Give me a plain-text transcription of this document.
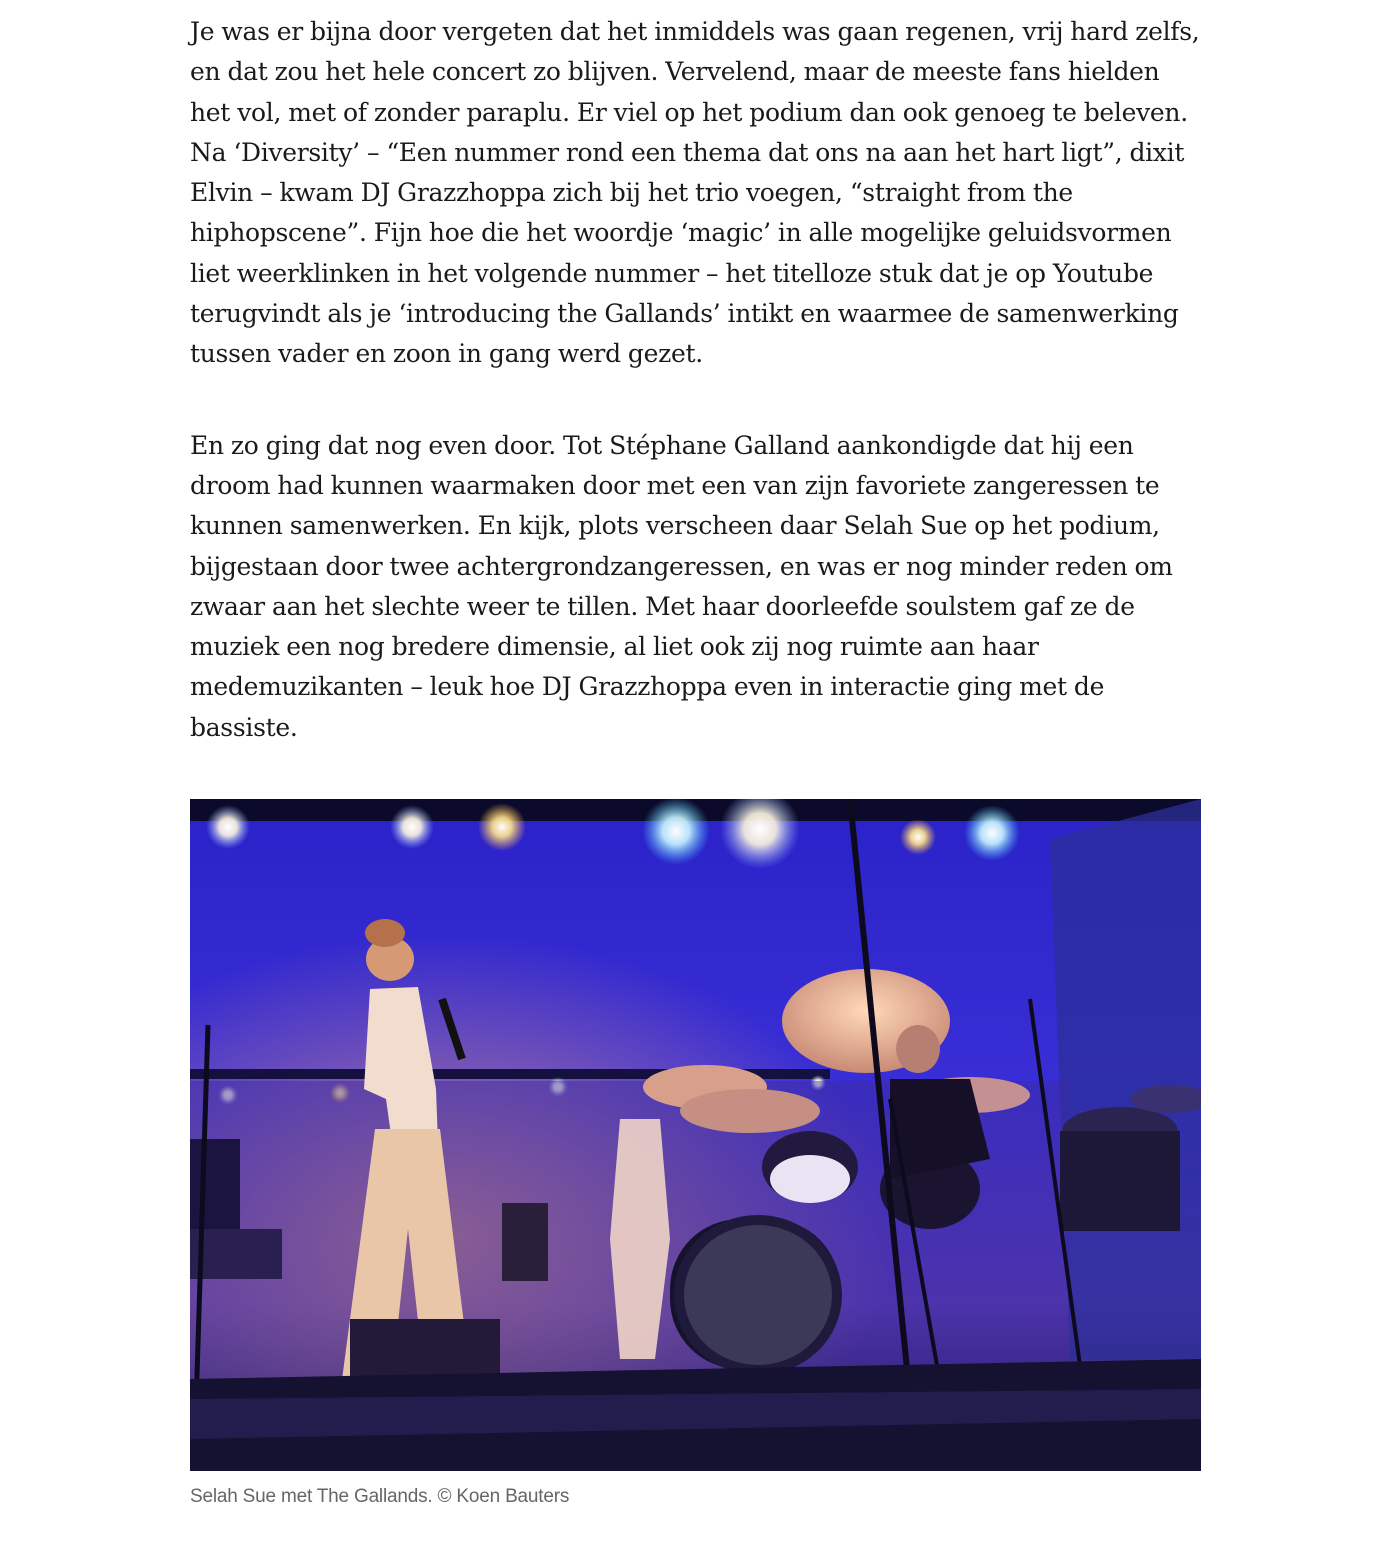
Je was er bijna door vergeten dat het inmiddels was gaan regenen, vrij hard zelfs, en dat zou het hele concert zo blijven. Vervelend, maar de meeste fans hielden het vol, met of zonder paraplu. Er viel op het podium dan ook genoeg te beleven. Na ‘Diversity’ – “Een nummer rond een thema dat ons na aan het hart ligt”, dixit Elvin – kwam DJ Grazzhoppa zich bij het trio voegen, “straight from the hiphopscene”. Fijn hoe die het woordje ‘magic’ in alle mogelijke geluidsvormen liet weerklinken in het volgende nummer – het titelloze stuk dat je op Youtube terugvindt als je ‘introducing the Gallands’ intikt en waarmee de samenwerking tussen vader en zoon in gang werd gezet.

En zo ging dat nog even door. Tot Stéphane Galland aankondigde dat hij een droom had kunnen waarmaken door met een van zijn favoriete zangeressen te kunnen samenwerken. En kijk, plots verscheen daar Selah Sue op het podium, bijgestaan door twee achtergrondzangeressen, en was er nog minder reden om zwaar aan het slechte weer te tillen. Met haar doorleefde soulstem gaf ze de muziek een nog bredere dimensie, al liet ook zij nog ruimte aan haar medemuzikanten – leuk hoe DJ Grazzhoppa even in interactie ging met de bassiste.

Selah Sue met The Gallands. © Koen Bauters
